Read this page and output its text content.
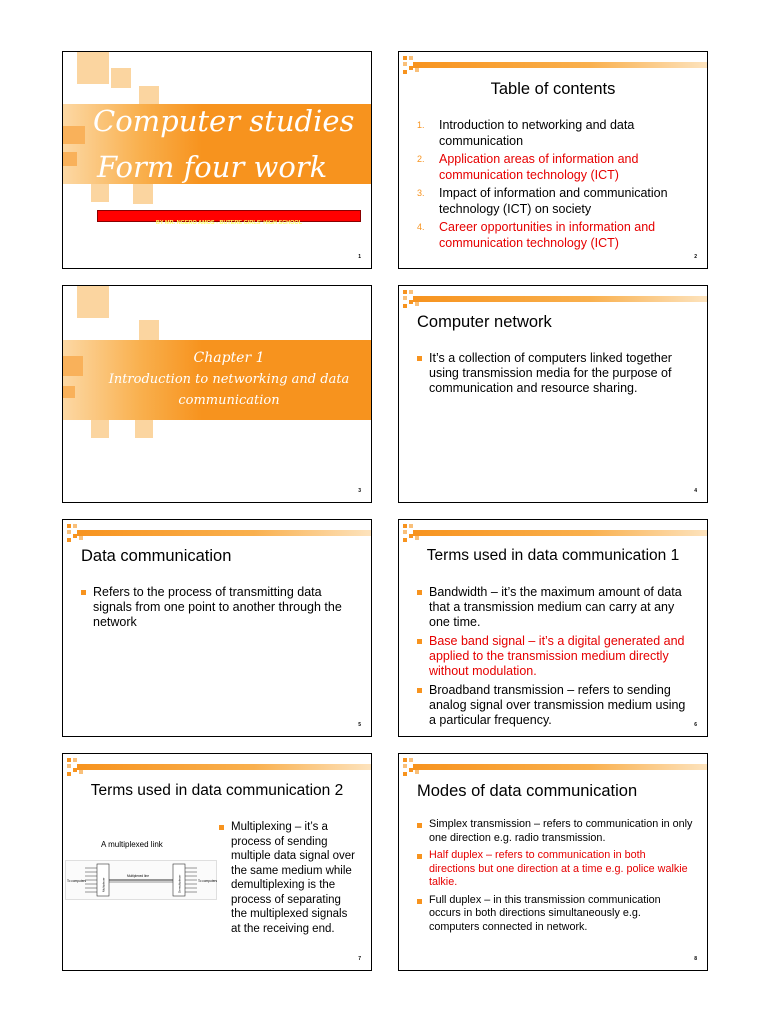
Computer studies
Form four work
BY MR. NGERO AMOS - BUTERE GIRLS' HIGH SCHOOL
1
Table of contents
1. Introduction to networking and data communication
2. Application areas of information and communication technology (ICT)
3. Impact of information and communication technology (ICT) on society
4. Career opportunities in information and communication technology (ICT)
2
Chapter 1
Introduction to networking and data
communication
3
Computer network
It’s a collection of computers linked together using transmission media for the purpose of communication and resource sharing.
4
Data communication
Refers to the process of transmitting data signals from one point to another through the network
5
Terms used in data communication 1
Bandwidth – it’s the maximum amount of data that a transmission medium can carry at any one time.
Base band signal – it’s a digital generated and applied to the transmission medium directly without modulation.
Broadband transmission – refers to sending analog signal over transmission medium using a particular frequency.	6
Terms used in data communication 2
A multiplexed link
To computers
Multiplexed line
To computers
Multiplexer	Demultiplexer
Multiplexing – it’s a process of sending multiple data signal over the same medium while demultiplexing is the process of separating the multiplexed signals at the receiving end.
7
Modes of data communication
Simplex transmission – refers to communication in only one direction e.g. radio transmission.
Half duplex – refers to communication in both directions but one direction at a time e.g. police walkie talkie.
Full duplex – in this transmission communication occurs in both directions simultaneously e.g. computers connected in network.
8
